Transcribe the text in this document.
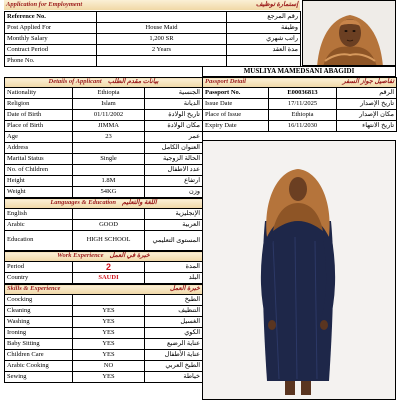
Application for Employment	إستمارة توظيف
Reference No.		رقم المرجع
Post Applied For	House Maid	وظيفة
Monthly Salary	1,200 SR	راتب شهري
Contract Period	2 Years	مدة العقد
Phone No.		
MUSLIYA MAMEDSANI ABAGIDI
Details of Applicant بيانات مقدم الطلب		

Nationality	Ethiopia	الجنسية
Religion	Islam	الديانة
Date of Birth	01/11/2002	تاريخ الولادة
Place of Birth	JIMMA	مكان الولادة
Age	23	عمر
Address		العنوان الكامل
Marital Status	Single	الحالة الزوجية
No. of Children		عدد الاطفال
Height	1.8M	ارتفاع
Weight	54KG	وزن
Languages & Education اللغة والتعليم		

English		الإنجليزية
Arabic	GOOD	العربية
Education	HIGH SCHOOL	المستوى التعليمي
Work Experience خبرة في العمل		

Period	2	المدة
Country	SAUDI	البلد
Skills & Experience خبرة العمل		

Coocking		الطبخ
Cleaning	YES	التنظيف
Washing	YES	الغسيل
Ironing	YES	الكوي
Baby Sitting	YES	عناية الرضيع
Children Care	YES	عناية الأطفال
Arabic Cooking	NO	الطبخ العربي
Sewing	YES	خياطة
Passport Detail تفاصيل جواز السفر		

Passport No.	E00036813	الرقم
Issue Date	17/11/2025	تاريخ الإصدار
Place of Issue	Ethiopia	مكان الإصدار
Expiry Date	16/11/2030	تاريخ الانتهاء
